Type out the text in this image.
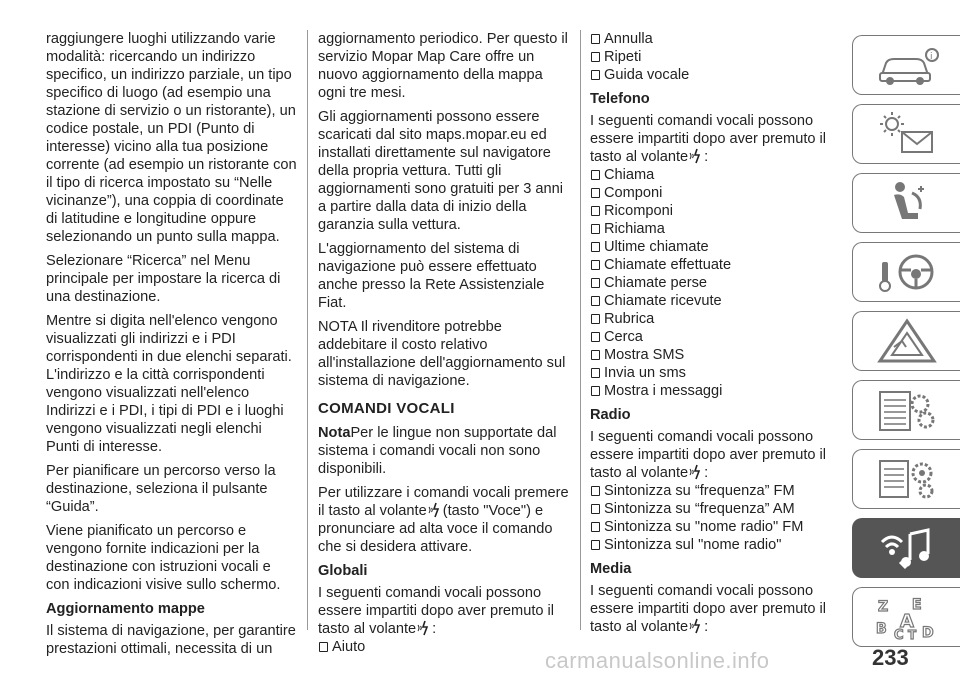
raggiungere luoghi utilizzando varie modalità: ricercando un indirizzo specifico, un indirizzo parziale, un tipo specifico di luogo (ad esempio una stazione di servizio o un ristorante), un codice postale, un PDI (Punto di interesse) vicino alla tua posizione corrente (ad esempio un ristorante con il tipo di ricerca impostato su “Nelle vicinanze”), una coppia di coordinate di latitudine e longitudine oppure selezionando un punto sulla mappa.

Selezionare “Ricerca” nel Menu principale per impostare la ricerca di una destinazione.

Mentre si digita nell'elenco vengono visualizzati gli indirizzi e i PDI corrispondenti in due elenchi separati. L'indirizzo e la città corrispondenti vengono visualizzati nell'elenco Indirizzi e i PDI, i tipi di PDI e i luoghi vengono visualizzati negli elenchi Punti di interesse.

Per pianificare un percorso verso la destinazione, seleziona il pulsante “Guida”.

Viene pianificato un percorso e vengono fornite indicazioni per la destinazione con istruzioni vocali e con indicazioni visive sullo schermo.

Aggiornamento mappe

Il sistema di navigazione, per garantire prestazioni ottimali, necessita di un

aggiornamento periodico. Per questo il servizio Mopar Map Care offre un nuovo aggiornamento della mappa ogni tre mesi.

Gli aggiornamenti possono essere scaricati dal sito maps.mopar.eu ed installati direttamente sul navigatore della propria vettura. Tutti gli aggiornamenti sono gratuiti per 3 anni a partire dalla data di inizio della garanzia sulla vettura.

L'aggiornamento del sistema di navigazione può essere effettuato anche presso la Rete Assistenziale Fiat.

NOTA Il rivenditore potrebbe addebitare il costo relativo all'installazione dell'aggiornamento sul sistema di navigazione.

COMANDI VOCALI

NotaPer le lingue non supportate dal sistema i comandi vocali non sono disponibili.

Per utilizzare i comandi vocali premere il tasto al volante (tasto "Voce") e pronunciare ad alta voce il comando che si desidera attivare.

Globali

I seguenti comandi vocali possono essere impartiti dopo aver premuto il tasto al volante :

Aiuto
Annulla
Ripeti
Guida vocale
Telefono

I seguenti comandi vocali possono essere impartiti dopo aver premuto il tasto al volante :

Chiama
Componi
Ricomponi
Richiama
Ultime chiamate
Chiamate effettuate
Chiamate perse
Chiamate ricevute
Rubrica
Cerca
Mostra SMS
Invia un sms
Mostra i messaggi
Radio

I seguenti comandi vocali possono essere impartiti dopo aver premuto il tasto al volante :

Sintonizza su “frequenza” FM
Sintonizza su “frequenza” AM
Sintonizza su "nome radio" FM
Sintonizza sul "nome radio"
Media

I seguenti comandi vocali possono essere impartiti dopo aver premuto il tasto al volante :

i
Z E
B A
C D
T
carmanualsonline.info	233
